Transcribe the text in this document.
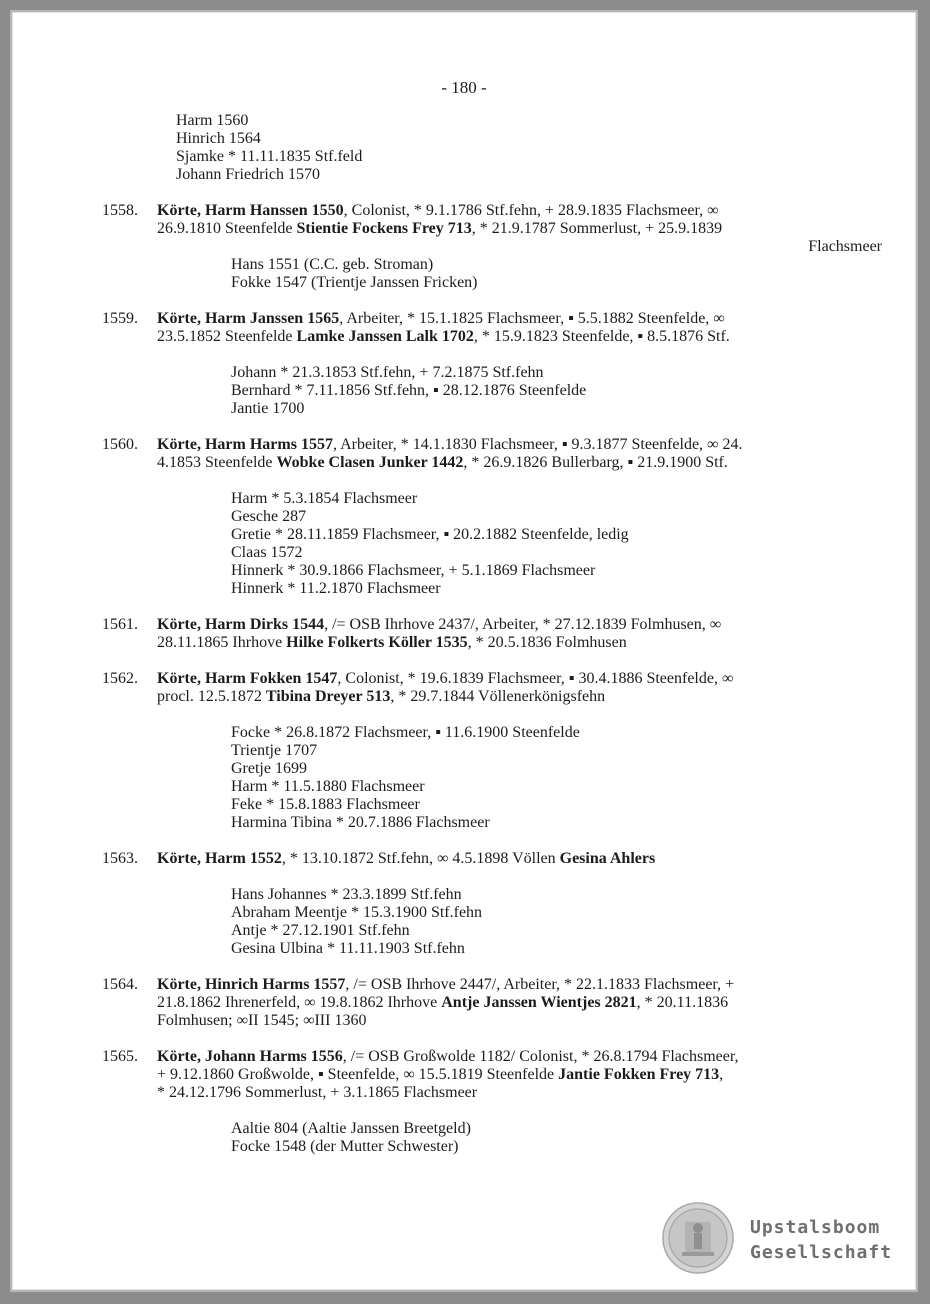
- 180 -
Harm 1560
Hinrich 1564
Sjamke * 11.11.1835 Stf.feld
Johann Friedrich 1570
1558. Körte, Harm Hanssen 1550, Colonist, * 9.1.1786 Stf.fehn, + 28.9.1835 Flachsmeer, ∞
26.9.1810 Steenfelde Stientie Fockens Frey 713, * 21.9.1787 Sommerlust, + 25.9.1839
Flachsmeer
Hans 1551 (C.C. geb. Stroman)
Fokke 1547 (Trientje Janssen Fricken)
1559. Körte, Harm Janssen 1565, Arbeiter, * 15.1.1825 Flachsmeer, ▪ 5.5.1882 Steenfelde, ∞
23.5.1852 Steenfelde Lamke Janssen Lalk 1702, * 15.9.1823 Steenfelde, ▪ 8.5.1876 Stf.
Johann * 21.3.1853 Stf.fehn, + 7.2.1875 Stf.fehn
Bernhard * 7.11.1856 Stf.fehn, ▪ 28.12.1876 Steenfelde
Jantie 1700
1560. Körte, Harm Harms 1557, Arbeiter, * 14.1.1830 Flachsmeer, ▪ 9.3.1877 Steenfelde, ∞ 24.
4.1853 Steenfelde Wobke Clasen Junker 1442, * 26.9.1826 Bullerbarg, ▪ 21.9.1900 Stf.
Harm * 5.3.1854 Flachsmeer
Gesche 287
Gretie * 28.11.1859 Flachsmeer, ▪ 20.2.1882 Steenfelde, ledig
Claas 1572
Hinnerk * 30.9.1866 Flachsmeer, + 5.1.1869 Flachsmeer
Hinnerk * 11.2.1870 Flachsmeer
1561. Körte, Harm Dirks 1544, /= OSB Ihrhove 2437/, Arbeiter, * 27.12.1839 Folmhusen, ∞
28.11.1865 Ihrhove Hilke Folkerts Köller 1535, * 20.5.1836 Folmhusen
1562. Körte, Harm Fokken 1547, Colonist, * 19.6.1839 Flachsmeer, ▪ 30.4.1886 Steenfelde, ∞
procl. 12.5.1872 Tibina Dreyer 513, * 29.7.1844 Völlenerkönigsfehn
Focke * 26.8.1872 Flachsmeer, ▪ 11.6.1900 Steenfelde
Trientje 1707
Gretje 1699
Harm * 11.5.1880 Flachsmeer
Feke * 15.8.1883 Flachsmeer
Harmina Tibina * 20.7.1886 Flachsmeer
1563. Körte, Harm 1552, * 13.10.1872 Stf.fehn, ∞ 4.5.1898 Völlen Gesina Ahlers
Hans Johannes * 23.3.1899 Stf.fehn
Abraham Meentje * 15.3.1900 Stf.fehn
Antje * 27.12.1901 Stf.fehn
Gesina Ulbina * 11.11.1903 Stf.fehn
1564. Körte, Hinrich Harms 1557, /= OSB Ihrhove 2447/, Arbeiter, * 22.1.1833 Flachsmeer, +
21.8.1862 Ihrenerfeld, ∞ 19.8.1862 Ihrhove Antje Janssen Wientjes 2821, * 20.11.1836
Folmhusen; ∞II 1545; ∞III 1360
1565. Körte, Johann Harms 1556, /= OSB Großwolde 1182/ Colonist, * 26.8.1794 Flachsmeer,
+ 9.12.1860 Großwolde, ▪ Steenfelde, ∞ 15.5.1819 Steenfelde Jantie Fokken Frey 713,
* 24.12.1796 Sommerlust, + 3.1.1865 Flachsmeer
Aaltie 804 (Aaltie Janssen Breetgeld)
Focke 1548 (der Mutter Schwester)
Upstalsboom
Gesellschaft
